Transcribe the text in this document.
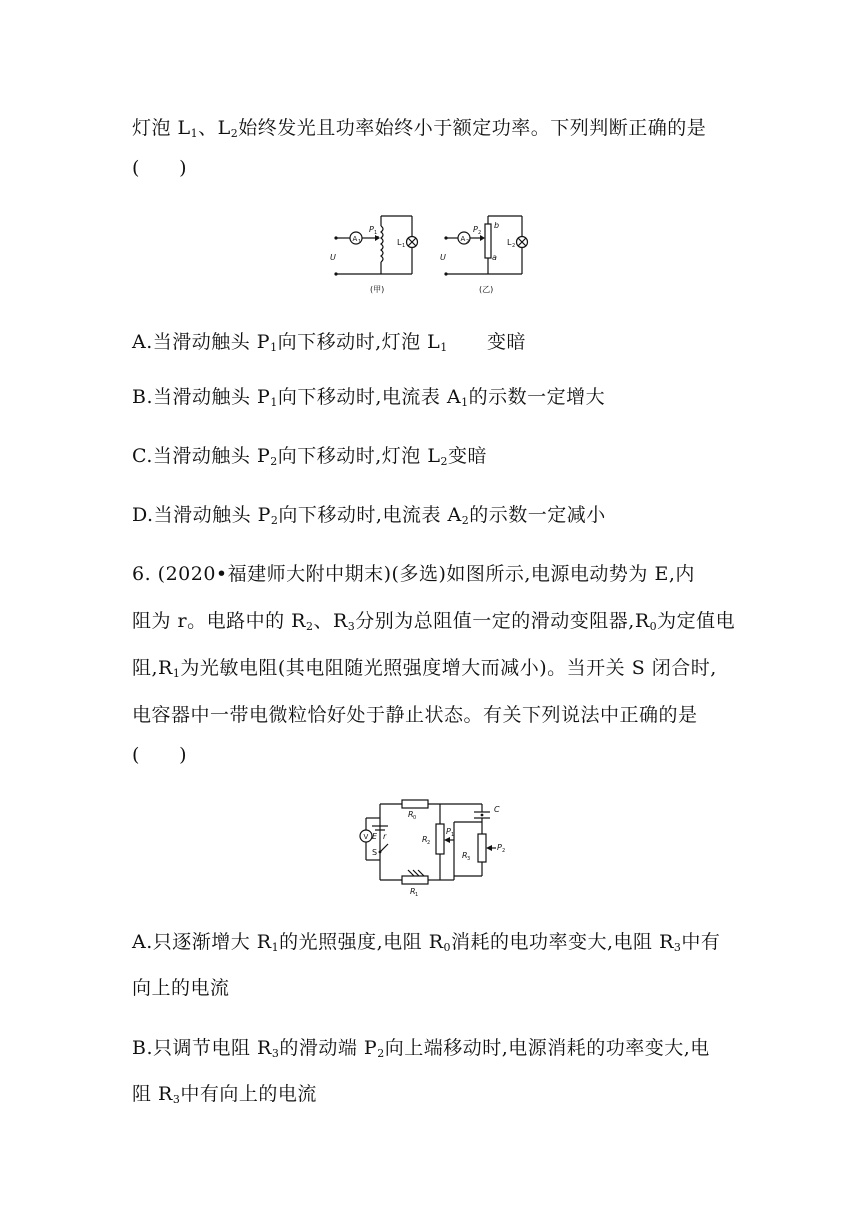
灯泡 $L_1$、$L_2$始终发光且功率始终小于额定功率。下列判断正确的是
(      )
U	U
A 1
P 1
L 1
A 2
P 2
b
a
L 2
(甲)	(乙)
A.当滑动触头 $P_1$向下移动时,灯泡 $L_1$      变暗
B.当滑动触头 $P_1$向下移动时,电流表 $A_1$的示数一定增大
C.当滑动触头 $P_2$向下移动时,灯泡 $L_2$变暗
D.当滑动触头 $P_2$向下移动时,电流表 $A_2$的示数一定减小
6. (2020•福建师大附中期末)(多选)如图所示,电源电动势为 E,内
阻为 r。电路中的 $R_2$、$R_3$分别为总阻值一定的滑动变阻器$,R_0$为定值电
阻$,R_1$为光敏电阻(其电阻随光照强度增大而减小)。当开关 S 闭合时,
电容器中一带电微粒恰好处于静止状态。有关下列说法中正确的是
(      )
V E r
S
R 0
R 1
R 2
P 1
R 3
P 2
C
A.只逐渐增大 $R_1$的光照强度,电阻 $R_0$消耗的电功率变大,电阻 $R_3$中有
向上的电流
B.只调节电阻 $R_3$的滑动端 $P_2$向上端移动时,电源消耗的功率变大,电
阻 $R_3$中有向上的电流
